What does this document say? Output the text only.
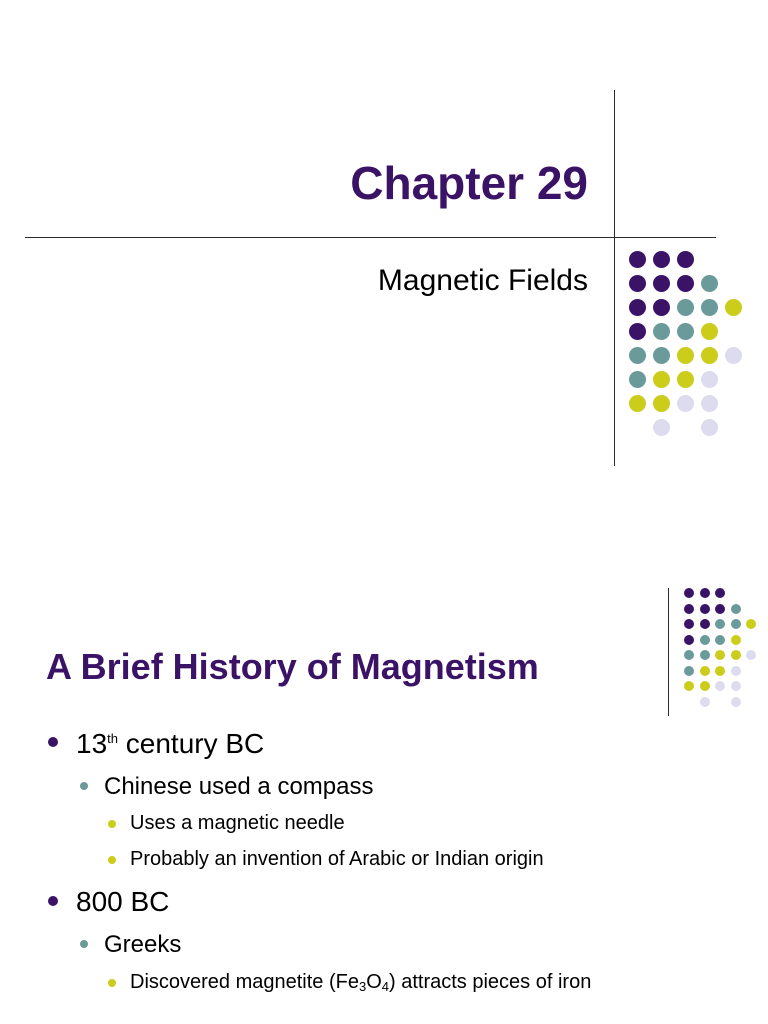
Chapter 29
Magnetic Fields
A Brief History of Magnetism
13th century BC
Chinese used a compass
Uses a magnetic needle
Probably an invention of Arabic or Indian origin
800 BC
Greeks
Discovered magnetite $(Fe_3O_4)$ attracts pieces of iron
